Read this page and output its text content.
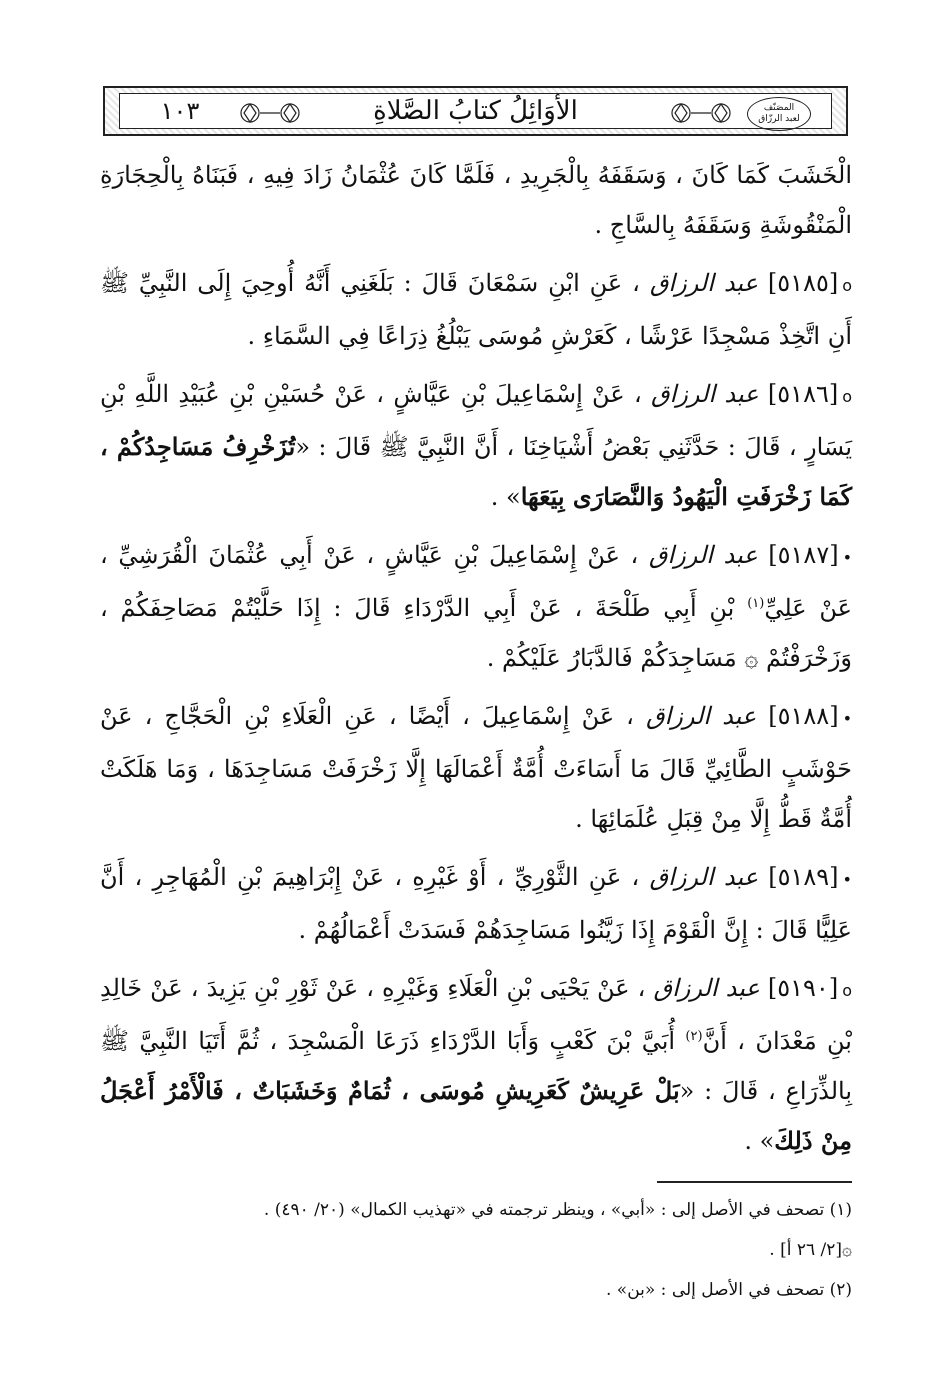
١٠٣	الأوَائِلُ كتابُ الصَّلاةِ	المصَنّف
لعبد الرزّاق

الْخَشَبَ كَمَا كَانَ ، وَسَقَفَهُ بِالْجَرِيدِ ، فَلَمَّا كَانَ عُثْمَانُ زَادَ فِيهِ ، فَبَنَاهُ بِالْحِجَارَةِ الْمَنْقُوشَةِ وَسَقَفَهُ بِالسَّاجِ .

o[٥١٨٥] عبد الرزاق ، عَنِ ابْنِ سَمْعَانَ قَالَ : بَلَغَنِي أَنَّهُ أُوحِيَ إِلَى النَّبِيِّ ﷺ أَنِ اتَّخِذْ مَسْجِدًا عَرْشًا ، كَعَرْشِ مُوسَى يَبْلُغُ ذِرَاعًا فِي السَّمَاءِ .

o[٥١٨٦] عبد الرزاق ، عَنْ إِسْمَاعِيلَ بْنِ عَيَّاشٍ ، عَنْ حُسَيْنِ بْنِ عُبَيْدِ اللَّهِ بْنِ يَسَارٍ ، قَالَ : حَدَّثَنِي بَعْضُ أَشْيَاخِنَا ، أَنَّ النَّبِيَّ ﷺ قَالَ : «تُزَخْرِفُ مَسَاجِدُكُمْ ، كَمَا زَخْرَفَتِ الْيَهُودُ وَالنَّصَارَى بِيَعَهَا» .

•[٥١٨٧] عبد الرزاق ، عَنْ إِسْمَاعِيلَ بْنِ عَيَّاشٍ ، عَنْ أَبِي عُثْمَانَ الْقُرَشِيِّ ، عَنْ عَلِيِّ$^{(١)}$ بْنِ أَبِي طَلْحَةَ ، عَنْ أَبِي الدَّرْدَاءِ قَالَ : إِذَا حَلَّيْتُمْ مَصَاحِفَكُمْ ، وَزَخْرَفْتُمْ ۞ مَسَاجِدَكُمْ فَالدَّبَارُ عَلَيْكُمْ .

•[٥١٨٨] عبد الرزاق ، عَنْ إِسْمَاعِيلَ ، أَيْضًا ، عَنِ الْعَلَاءِ بْنِ الْحَجَّاجِ ، عَنْ حَوْشَبٍ الطَّائِيِّ قَالَ مَا أَسَاءَتْ أُمَّةٌ أَعْمَالَهَا إِلَّا زَخْرَفَتْ مَسَاجِدَهَا ، وَمَا هَلَكَتْ أُمَّةٌ قَطُّ إِلَّا مِنْ قِبَلِ عُلَمَائِهَا .

•[٥١٨٩] عبد الرزاق ، عَنِ الثَّوْرِيِّ ، أَوْ غَيْرِهِ ، عَنْ إِبْرَاهِيمَ بْنِ الْمُهَاجِرِ ، أَنَّ عَلِيًّا قَالَ : إِنَّ الْقَوْمَ إِذَا زَيَّنُوا مَسَاجِدَهُمْ فَسَدَتْ أَعْمَالُهُمْ .

o[٥١٩٠] عبد الرزاق ، عَنْ يَحْيَى بْنِ الْعَلَاءِ وَغَيْرِهِ ، عَنْ ثَوْرِ بْنِ يَزِيدَ ، عَنْ خَالِدِ بْنِ مَعْدَانَ ، أَنَّ$^{(٢)}$ أُبَيَّ بْنَ كَعْبٍ وَأَبَا الدَّرْدَاءِ ذَرَعَا الْمَسْجِدَ ، ثُمَّ أَتَيَا النَّبِيَّ ﷺ بِالذِّرَاعِ ، قَالَ : «بَلْ عَرِيشٌ كَعَرِيشِ مُوسَى ، ثُمَامٌ وَخَشَبَاتٌ ، فَالْأَمْرُ أَعْجَلُ مِنْ ذَلِكَ» .

(١) تصحف في الأصل إلى : «أبي» ، وينظر ترجمته في «تهذيب الكمال» (٢٠/ ٤٩٠) .

۞[٢/ ٢٦ أ] .

(٢) تصحف في الأصل إلى : «بن» .
